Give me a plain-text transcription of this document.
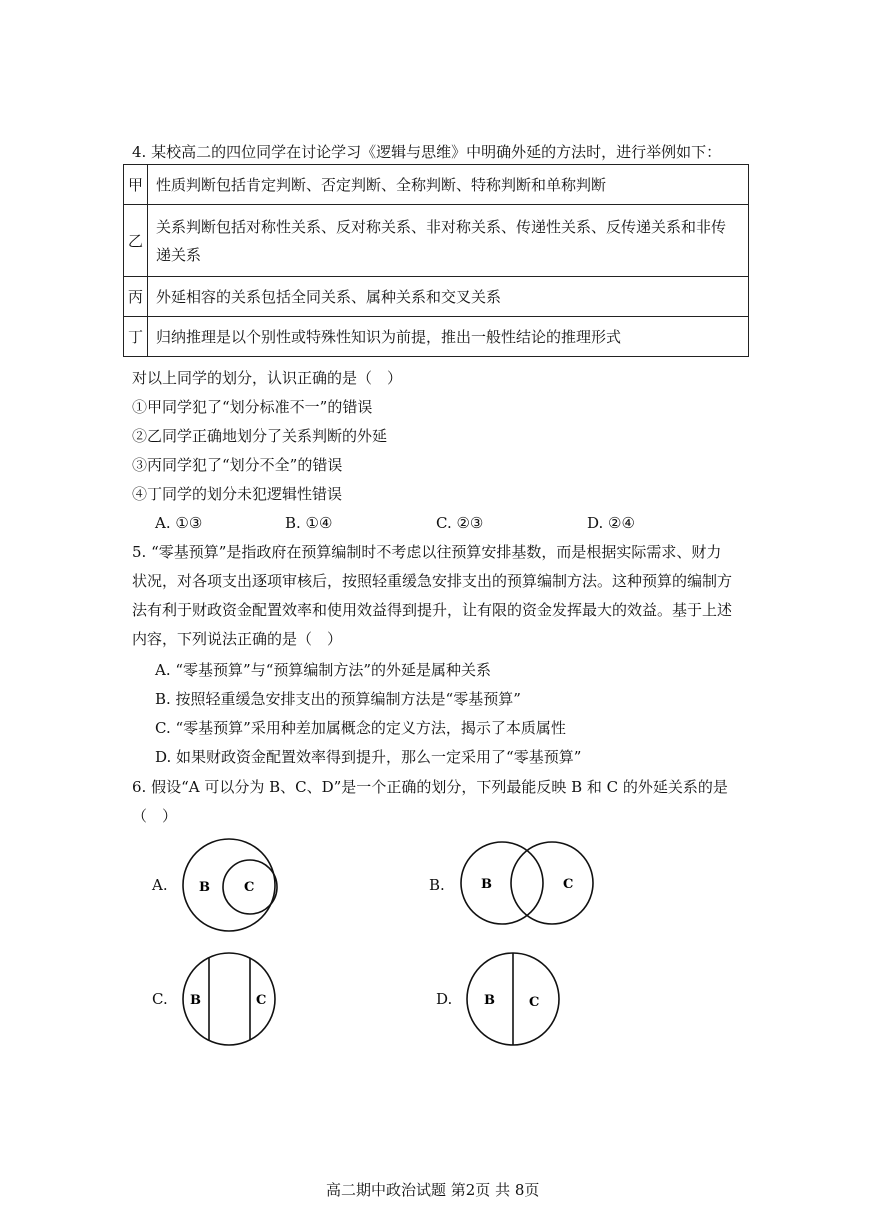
4. 某校高二的四位同学在讨论学习《逻辑与思维》中明确外延的方法时，进行举例如下：
甲	性质判断包括肯定判断、否定判断、全称判断、特称判断和单称判断
乙	关系判断包括对称性关系、反对称关系、非对称关系、传递性关系、反传递关系和非传
递关系

丙	外延相容的关系包括全同关系、属种关系和交叉关系
丁	归纳推理是以个别性或特殊性知识为前提，推出一般性结论的推理形式
对以上同学的划分，认识正确的是（　）
①甲同学犯了“划分标准不一”的错误
②乙同学正确地划分了关系判断的外延
③丙同学犯了“划分不全”的错误
④丁同学的划分未犯逻辑性错误
A. ①③	B. ①④	C. ②③	D. ②④
5. “零基预算”是指政府在预算编制时不考虑以往预算安排基数，而是根据实际需求、财力
状况，对各项支出逐项审核后，按照轻重缓急安排支出的预算编制方法。这种预算的编制方
法有利于财政资金配置效率和使用效益得到提升，让有限的资金发挥最大的效益。基于上述
内容，下列说法正确的是（　）
A. “零基预算”与“预算编制方法”的外延是属种关系
B. 按照轻重缓急安排支出的预算编制方法是“零基预算”
C. “零基预算”采用种差加属概念的定义方法，揭示了本质属性
D. 如果财政资金配置效率得到提升，那么一定采用了“零基预算”
6. 假设“A 可以分为 B、C、D”是一个正确的划分，下列最能反映 B 和 C 的外延关系的是
（　）
A. B	C	B.	B	C
C. B	C	D. B	C
高二期中政治试题 第2页 共 8页
